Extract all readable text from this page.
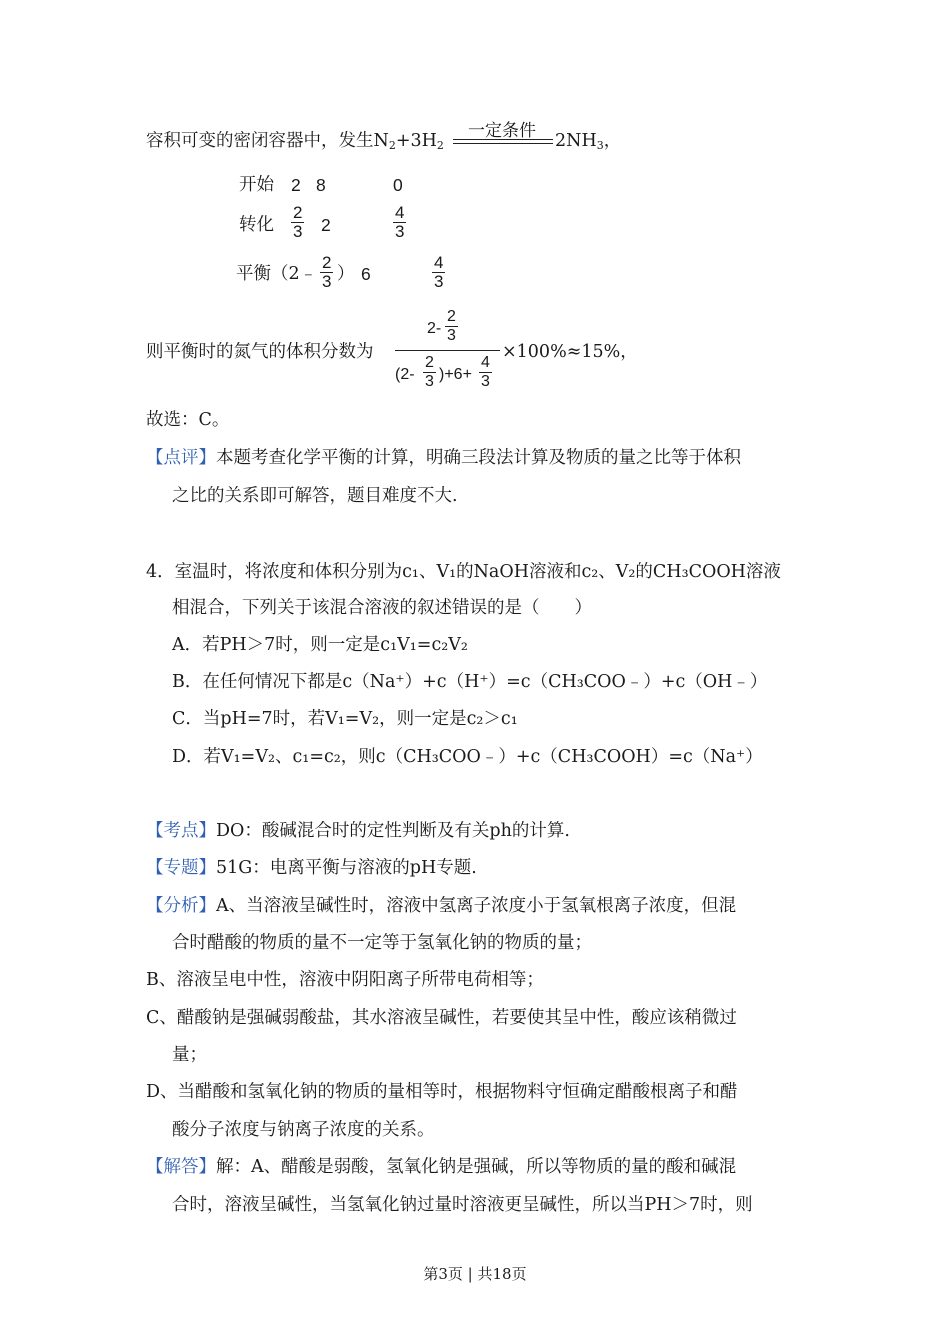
容积可变的密闭容器中，发生$N_2+3H_2$
一定条件 $2NH_3$，
开始 2 8	0
转化 $\frac{2}{3} 2$	$\frac{4}{3}$
平衡（2﹣ $\frac{2}{3}$ ） 6	$\frac{4}{3}$
则平衡时的氮气的体积分数为
$2- \frac{2}{3}$
$(2- \frac{2}{3} )+6+ \frac{4}{3}$
×100%≈15%，
故选：C。
【点评】本题考查化学平衡的计算，明确三段法计算及物质的量之比等于体积
之比的关系即可解答，题目难度不大.
4．室温时，将浓度和体积分别为c₁、V₁的NaOH溶液和c₂、V₂的CH₃COOH溶液
相混合，下列关于该混合溶液的叙述错误的是（　　）
A．若PH＞7时，则一定是c₁V₁=c₂V₂
B．在任何情况下都是c（Na⁺）+c（H⁺）=c（CH₃COO﹣）+c（OH﹣）
C．当pH=7时，若V₁=V₂，则一定是c₂＞c₁
D．若V₁=V₂、c₁=c₂，则c（CH₃COO﹣）+c（CH₃COOH）=c（Na⁺）
【考点】DO：酸碱混合时的定性判断及有关ph的计算.
【专题】51G：电离平衡与溶液的pH专题.
【分析】A、当溶液呈碱性时，溶液中氢离子浓度小于氢氧根离子浓度，但混
合时醋酸的物质的量不一定等于氢氧化钠的物质的量；
B、溶液呈电中性，溶液中阴阳离子所带电荷相等；
C、醋酸钠是强碱弱酸盐，其水溶液呈碱性，若要使其呈中性，酸应该稍微过
量；
D、当醋酸和氢氧化钠的物质的量相等时，根据物料守恒确定醋酸根离子和醋
酸分子浓度与钠离子浓度的关系。
【解答】解：A、醋酸是弱酸，氢氧化钠是强碱，所以等物质的量的酸和碱混
合时，溶液呈碱性，当氢氧化钠过量时溶液更呈碱性，所以当PH＞7时，则
第3页 | 共18页
